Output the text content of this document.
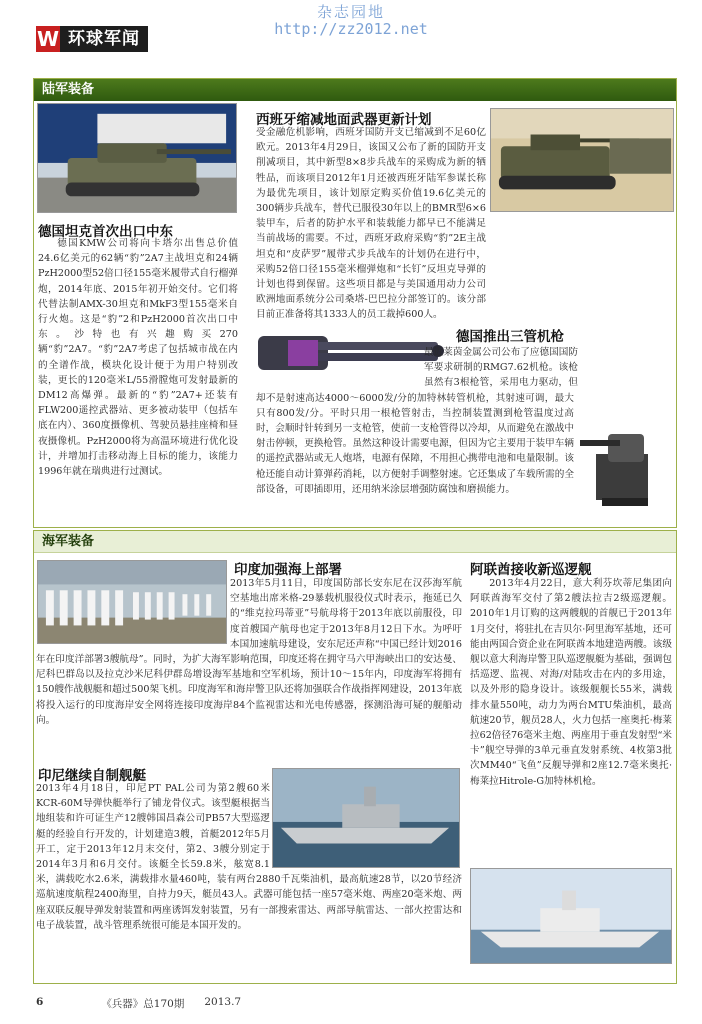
杂志园地
http://zz2012.net
W 环球军闻
陆军装备
西班牙缩减地面武器更新计划
受金融危机影响，西班牙国防开支已缩减到不足60亿欧元。2013年4月29日，该国又公布了新的国防开支削减项目，其中新型8×8步兵战车的采购成为新的牺牲品，而该项目2012年1月还被西班牙陆军参谋长称为最优先项目，该计划原定购买价值19.6亿美元的300辆步兵战车，替代已服役30年以上的BMR型6×6装甲车，后者的防护水平和装载能力都早已不能满足当前战场的需要。不过，西班牙政府采购“豹”2E主战坦克和“皮萨罗”履带式步兵战车的计划仍在进行中，采购52倍口径155毫米榴弹炮和“长钉”反坦克导弹的计划也得到保留。这些项目都是与美国通用动力公司欧洲地面系统分公司桑塔-巴巴拉分部签订的。该分部目前正准备将其1333人的员工裁掉600人。
德国坦克首次出口中东
德国KMW公司将向卡塔尔出售总价值24.6亿美元的62辆“豹”2A7主战坦克和24辆PzH2000型52倍口径155毫米履带式自行榴弹炮，2014年底、2015年初开始交付。它们将代替法制AMX-30坦克和MkF3型155毫米自行火炮。这是“豹”2和PzH2000首次出口中东。沙特也有兴趣购买270辆“豹”2A7。“豹”2A7考虑了包括城市战在内的全谱作战，模块化设计便于为用户特别改装，更长的120毫米L/55滑膛炮可发射最新的DM12高爆弹。最新的“豹”2A7+还装有FLW200遥控武器站、更多被动装甲（包括车底在内）、360度摄像机、驾驶员悬挂座椅和昼夜摄像机。PzH2000将为高温环境进行优化设计，并增加打击移动海上目标的能力，该能力1996年就在瑞典进行过测试。
德国推出三管机枪
最近莱茵金属公司公布了应德国国防军要求研制的RMG7.62机枪。该枪虽然有3根枪管，采用电力驱动，但却不是射速高达4000～6000发/分的加特林转管机枪，其射速可调，最大只有800发/分。平时只用一根枪管射击，当控制装置测到枪管温度过高时，会顺时针转到另一支枪管，使前一支枪管得以冷却，从而避免在激战中射击停顿，更换枪管。虽然这种设计需要电源，但因为它主要用于装甲车辆的遥控武器站或无人炮塔，电源有保障，不用担心携带电池和电量限制。该枪还能自动计算弹药消耗，以方便射手调整射速。它还集成了车载所需的全部设备，可即插即用，还用纳米涂层增强防腐蚀和磨损能力。
海军装备
印度加强海上部署
2013年5月11日，印度国防部长安东尼在汉莎海军航空基地出席米格-29暴载机服役仪式时表示，拖延已久的“维克拉玛蒂亚”号航母将于2013年底以前服役，印度首艘国产航母也定于2013年8月12日下水。为呼吁本国加速航母建设，安东尼还声称“中国已经计划2016年在印度洋部署3艘航母”。同时，为扩大海军影响范围，印度还将在拥守马六甲海峡出口的安达曼、尼科巴群岛以及拉克沙米尼科伊群岛增设海军基地和空军机场，预计10～15年内，印度海军将拥有150艘作战舰艇和超过500架飞机。印度海军和海岸警卫队还将加强联合作战指挥网建设，2013年底将投入运行的印度海岸安全网将连接印度海岸84个监视雷达和光电传感器，探测沿海可疑的舰船动向。
阿联酋接收新巡逻舰
2013年4月22日，意大利芬坎蒂尼集团向阿联酋海军交付了第2艘法拉吉2级巡逻舰。2010年1月订购的这两艘舰的首舰已于2013年1月交付，将驻扎在吉贝尔·阿里海军基地，还可能由两国合资企业在阿联酋本地建造两艘。该级舰以意大利海岸警卫队巡逻舰艇为基础，强调包括巡逻、监视、对海/对陆攻击在内的多用途，以及外形的隐身设计。该级舰舰长55米，满载排水量550吨，动力为两台MTU柴油机，最高航速20节，舰员28人，火力包括一座奥托·梅莱拉62倍径76毫米主炮、两座用于垂直发射型“米卡”舰空导弹的3单元垂直发射系统、4枚第3批次MM40“飞鱼”反舰导弹和2座12.7毫米奥托·梅莱拉Hitrole-G加特林机枪。
印尼继续自制舰艇
2013年4月18日，印尼PT PAL公司为第2艘60米KCR-60M导弹快艇举行了铺龙骨仪式。该型艇根据当地组装和许可证生产12艘韩国昌森公司PB57大型巡逻艇的经验自行开发的，计划建造3艘，首艇2012年5月开工，定于2013年12月末交付，第2、3艘分别定于2014年3月和6月交付。该艇全长59.8米，舷宽8.1米，满载吃水2.6米，满载排水量460吨，装有两台2880千瓦柴油机，最高航速28节，以20节经济巡航速度航程2400海里，自持力9天，艇员43人。武器可能包括一座57毫米炮、两座20毫米炮、两座双联反舰导弹发射装置和两座诱饵发射装置，另有一部搜索雷达、两部导航雷达、一部火控雷达和电子战装置，战斗管理系统很可能是本国开发的。
6	《兵器》总170期 2013.7
